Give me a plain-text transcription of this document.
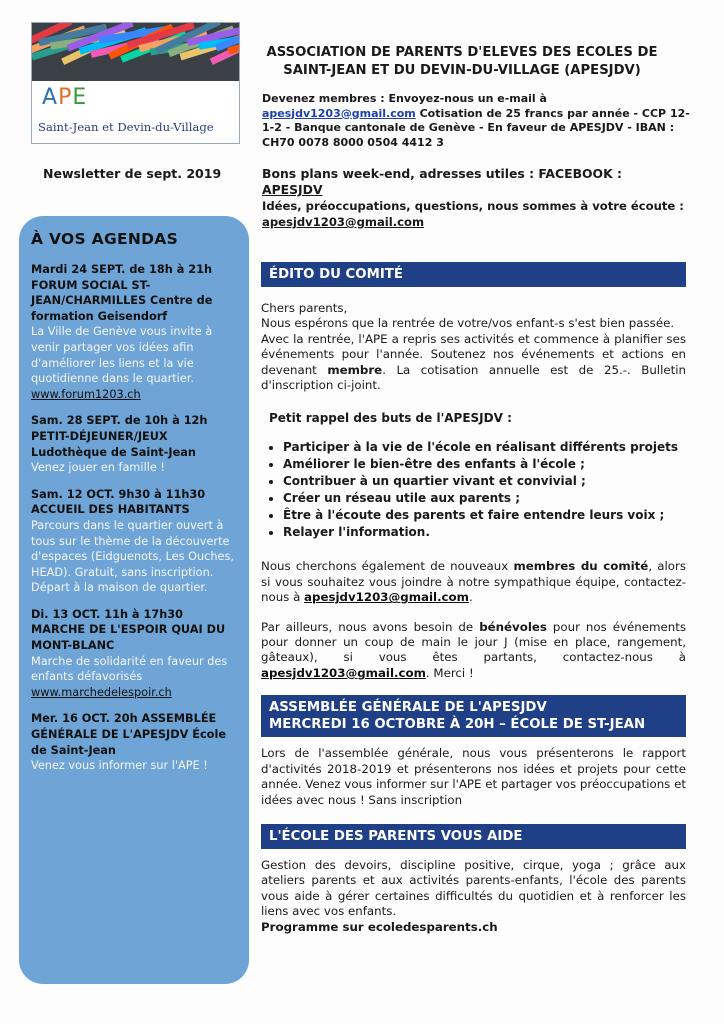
APE
Saint-Jean et Devin-du-Village
Newsletter de sept. 2019
ASSOCIATION DE PARENTS D'ELEVES DES ECOLES DE
SAINT-JEAN ET DU DEVIN-DU-VILLAGE (APESJDV)
Devenez membres : Envoyez-nous un e-mail à
apesjdv1203@gmail.com Cotisation de 25 francs par année - CCP 12-1-2 - Banque cantonale de Genève - En faveur de APESJDV - IBAN : CH70 0078 8000 0504 4412 3
Bons plans week-end, adresses utiles : FACEBOOK :
APESJDV
Idées, préoccupations, questions, nous sommes à votre écoute :
apesjdv1203@gmail.com
À VOS AGENDAS
Mardi 24 SEPT. de 18h à 21h FORUM SOCIAL ST-JEAN/CHARMILLES Centre de formation Geisendorf
La Ville de Genève vous invite à venir partager vos idées afin d'améliorer les liens et la vie quotidienne dans le quartier.
www.forum1203.ch
Sam. 28 SEPT. de 10h à 12h PETIT-DÉJEUNER/JEUX Ludothèque de Saint-Jean
Venez jouer en famille !
Sam. 12 OCT. 9h30 à 11h30 ACCUEIL DES HABITANTS
Parcours dans le quartier ouvert à tous sur le thème de la découverte d'espaces (Eidguenots, Les Ouches, HEAD). Gratuit, sans inscription. Départ à la maison de quartier.
Di. 13 OCT. 11h à 17h30 MARCHE DE L'ESPOIR QUAI DU MONT-BLANC
Marche de solidarité en faveur des enfants défavorisés
www.marchedelespoir.ch
Mer. 16 OCT. 20h ASSEMBLÉE GÉNÉRALE DE L'APESJDV École de Saint-Jean
Venez vous informer sur l'APE !
ÉDITO DU COMITÉ

Chers parents,

Nous espérons que la rentrée de votre/vos enfant-s s'est bien passée.

Avec la rentrée, l'APE a repris ses activités et commence à planifier ses événements pour l'année. Soutenez nos événements et actions en devenant membre. La cotisation annuelle est de 25.-. Bulletin d'inscription ci-joint.

Petit rappel des buts de l'APESJDV :
• Participer à la vie de l'école en réalisant différents projets
• Améliorer le bien-être des enfants à l'école ;
• Contribuer à un quartier vivant et convivial ;
• Créer un réseau utile aux parents ;
• Être à l'écoute des parents et faire entendre leurs voix ;
• Relayer l'information.

Nous cherchons également de nouveaux membres du comité, alors si vous souhaitez vous joindre à notre sympathique équipe, contactez-nous à apesjdv1203@gmail.com.

Par ailleurs, nous avons besoin de bénévoles pour nos événements pour donner un coup de main le jour J (mise en place, rangement, gâteaux), si vous êtes partants, contactez-nous à apesjdv1203@gmail.com. Merci !

ASSEMBLÉE GÉNÉRALE DE L'APESJDV
MERCREDI 16 OCTOBRE À 20H – ÉCOLE DE ST-JEAN

Lors de l'assemblée générale, nous vous présenterons le rapport d'activités 2018-2019 et présenterons nos idées et projets pour cette année. Venez vous informer sur l'APE et partager vos préoccupations et idées avec nous ! Sans inscription

L'ÉCOLE DES PARENTS VOUS AIDE

Gestion des devoirs, discipline positive, cirque, yoga ; grâce aux ateliers parents et aux activités parents-enfants, l'école des parents vous aide à gérer certaines difficultés du quotidien et à renforcer les liens avec vos enfants.

Programme sur ecoledesparents.ch
